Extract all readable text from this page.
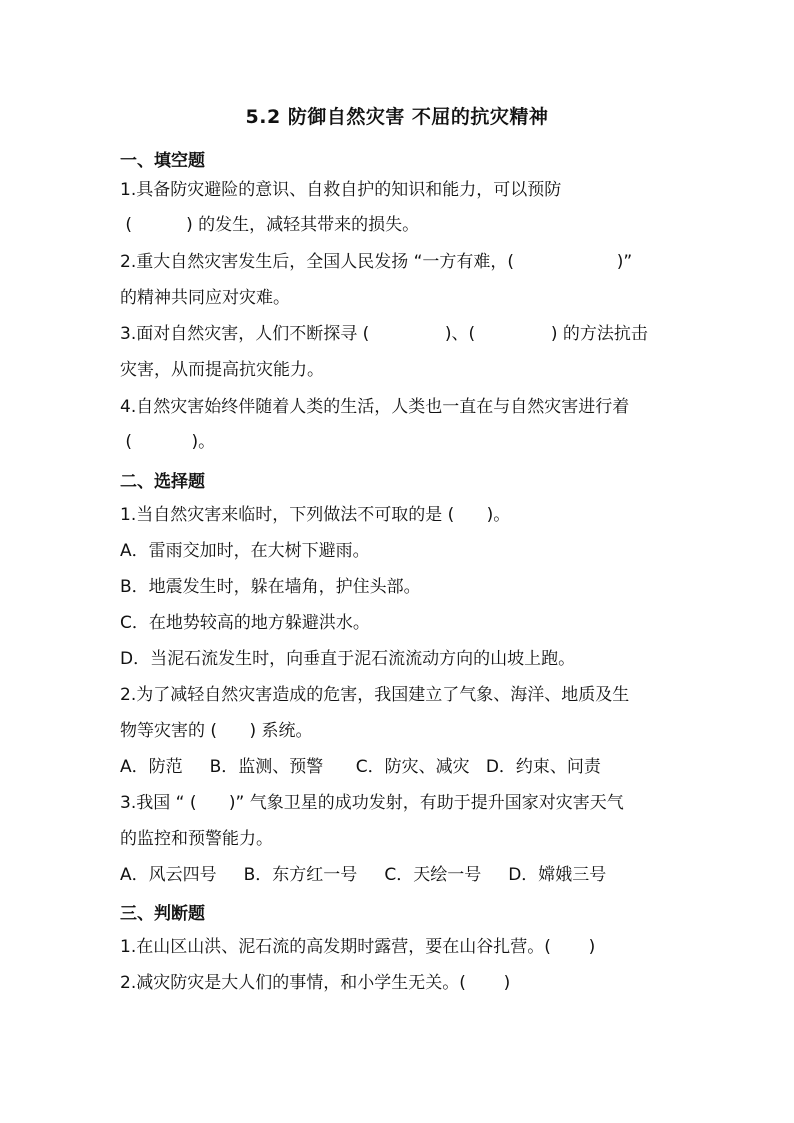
5.2 防御自然灾害 不屈的抗灾精神
一、填空题
1.具备防灾避险的意识、自救自护的知识和能力，可以预防
(          ) 的发生，减轻其带来的损失。
2.重大自然灾害发生后，全国人民发扬 “一方有难，(                   )”
的精神共同应对灾难。
3.面对自然灾害，人们不断探寻 (              )、(              ) 的方法抗击
灾害，从而提高抗灾能力。
4.自然灾害始终伴随着人类的生活，人类也一直在与自然灾害进行着
(           )。
二、选择题
1.当自然灾害来临时，下列做法不可取的是 (      )。
A．雷雨交加时，在大树下避雨。
B．地震发生时，躲在墙角，护住头部。
C．在地势较高的地方躲避洪水。
D．当泥石流发生时，向垂直于泥石流流动方向的山坡上跑。
2.为了减轻自然灾害造成的危害，我国建立了气象、海洋、地质及生
物等灾害的 (      ) 系统。
A．防范     B．监测、预警      C．防灾、减灾   D．约束、问责
3.我国 “ (      )” 气象卫星的成功发射，有助于提升国家对灾害天气
的监控和预警能力。
A．风云四号     B．东方红一号     C．天绘一号     D．嫦娥三号
三、判断题
1.在山区山洪、泥石流的高发期时露营，要在山谷扎营。(       )
2.减灾防灾是大人们的事情，和小学生无关。(       )
